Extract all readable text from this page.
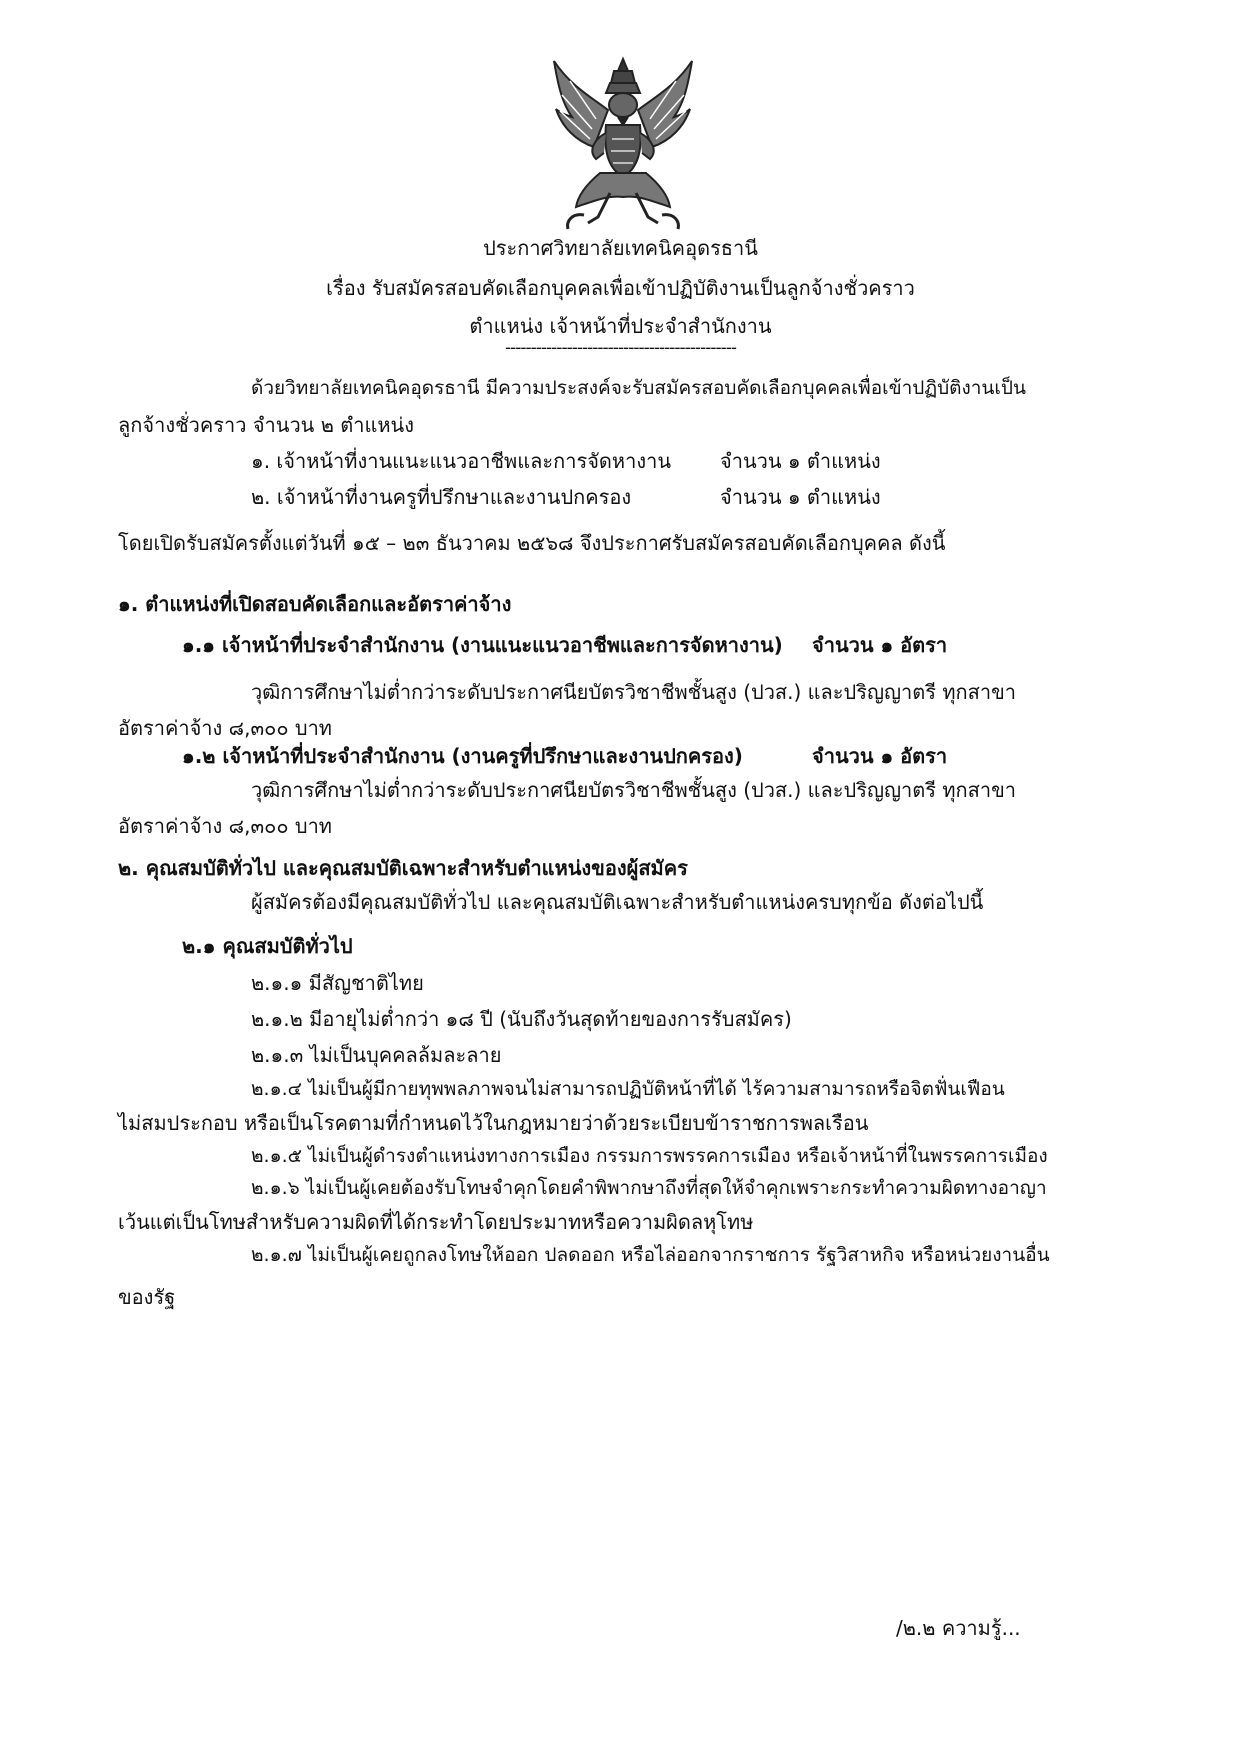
ประกาศวิทยาลัยเทคนิคอุดรธานี
เรื่อง รับสมัครสอบคัดเลือกบุคคลเพื่อเข้าปฏิบัติงานเป็นลูกจ้างชั่วคราว
ตำแหน่ง เจ้าหน้าที่ประจำสำนักงาน
---------------------------------------------
ด้วยวิทยาลัยเทคนิคอุดรธานี มีความประสงค์จะรับสมัครสอบคัดเลือกบุคคลเพื่อเข้าปฏิบัติงานเป็น
ลูกจ้างชั่วคราว จำนวน ๒ ตำแหน่ง
๑. เจ้าหน้าที่งานแนะแนวอาชีพและการจัดหางาน จำนวน ๑ ตำแหน่ง
๒. เจ้าหน้าที่งานครูที่ปรึกษาและงานปกครอง	จำนวน ๑ ตำแหน่ง
โดยเปิดรับสมัครตั้งแต่วันที่ ๑๕ – ๒๓ ธันวาคม ๒๕๖๘ จึงประกาศรับสมัครสอบคัดเลือกบุคคล ดังนี้
๑. ตำแหน่งที่เปิดสอบคัดเลือกและอัตราค่าจ้าง
๑.๑ เจ้าหน้าที่ประจำสำนักงาน (งานแนะแนวอาชีพและการจัดหางาน) จำนวน ๑ อัตรา
วุฒิการศึกษาไม่ต่ำกว่าระดับประกาศนียบัตรวิชาชีพชั้นสูง (ปวส.) และปริญญาตรี ทุกสาขา
อัตราค่าจ้าง ๘,๓๐๐ บาท
๑.๒ เจ้าหน้าที่ประจำสำนักงาน (งานครูที่ปรึกษาและงานปกครอง)	จำนวน ๑ อัตรา
วุฒิการศึกษาไม่ต่ำกว่าระดับประกาศนียบัตรวิชาชีพชั้นสูง (ปวส.) และปริญญาตรี ทุกสาขา
อัตราค่าจ้าง ๘,๓๐๐ บาท
๒. คุณสมบัติทั่วไป และคุณสมบัติเฉพาะสำหรับตำแหน่งของผู้สมัคร
ผู้สมัครต้องมีคุณสมบัติทั่วไป และคุณสมบัติเฉพาะสำหรับตำแหน่งครบทุกข้อ ดังต่อไปนี้
๒.๑ คุณสมบัติทั่วไป
๒.๑.๑ มีสัญชาติไทย
๒.๑.๒ มีอายุไม่ต่ำกว่า ๑๘ ปี (นับถึงวันสุดท้ายของการรับสมัคร)
๒.๑.๓ ไม่เป็นบุคคลล้มละลาย
๒.๑.๔ ไม่เป็นผู้มีกายทุพพลภาพจนไม่สามารถปฏิบัติหน้าที่ได้ ไร้ความสามารถหรือจิตฟั่นเฟือน
ไม่สมประกอบ หรือเป็นโรคตามที่กำหนดไว้ในกฎหมายว่าด้วยระเบียบข้าราชการพลเรือน
๒.๑.๕ ไม่เป็นผู้ดำรงตำแหน่งทางการเมือง กรรมการพรรคการเมือง หรือเจ้าหน้าที่ในพรรคการเมือง
๒.๑.๖ ไม่เป็นผู้เคยต้องรับโทษจำคุกโดยคำพิพากษาถึงที่สุดให้จำคุกเพราะกระทำความผิดทางอาญา
เว้นแต่เป็นโทษสำหรับความผิดที่ได้กระทำโดยประมาทหรือความผิดลหุโทษ
๒.๑.๗ ไม่เป็นผู้เคยถูกลงโทษให้ออก ปลดออก หรือไล่ออกจากราชการ รัฐวิสาหกิจ หรือหน่วยงานอื่น
ของรัฐ
/๒.๒ ความรู้...
